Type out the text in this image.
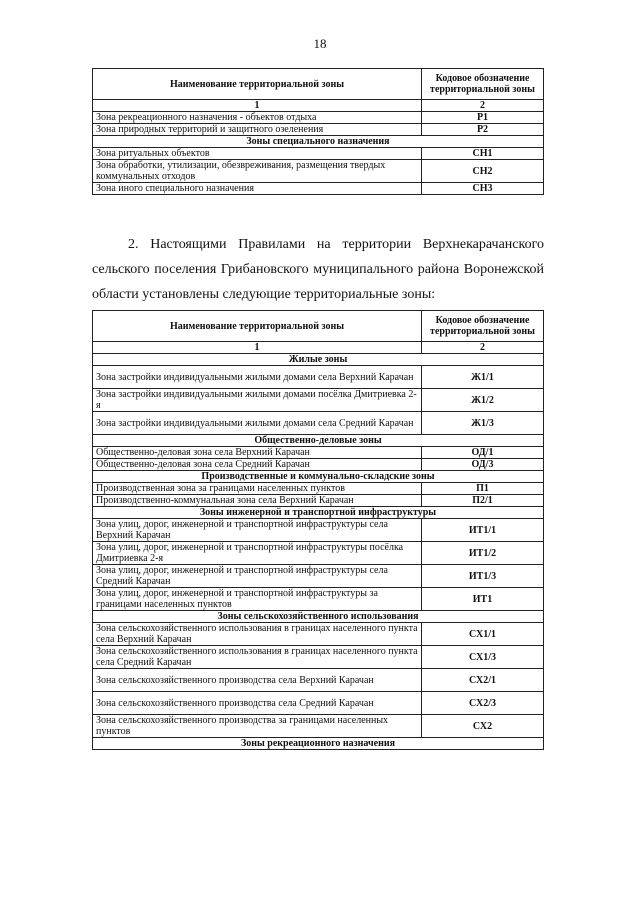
18
Наименование территориальной зоны	Кодовое обозначение территориальной зоны
1	2
Зона рекреационного назначения - объектов отдыха	Р1
Зона природных территорий и защитного озеленения	Р2
Зоны специального назначения	
Зона ритуальных объектов	СН1
Зона обработки, утилизации, обезвреживания, размещения твердых коммунальных отходов	СН2
Зона иного специального назначения	СН3

2. Настоящими Правилами на территории Верхнекарачанского сельского поселения Грибановского муниципального района Воронежской области установлены следующие территориальные зоны:

Наименование территориальной зоны	Кодовое обозначение территориальной зоны
1	2
Жилые зоны	
Зона застройки индивидуальными жилыми домами села Верхний Карачан	Ж1/1
Зона застройки индивидуальными жилыми домами посёлка Дмитриевка 2-я	Ж1/2
Зона застройки индивидуальными жилыми домами села Средний Карачан	Ж1/3
Общественно-деловые зоны	
Общественно-деловая зона села Верхний Карачан	ОД/1
Общественно-деловая зона села Средний Карачан	ОД/3
Производственные и коммунально-складские зоны	
Производственная зона за границами населенных пунктов	П1
Производственно-коммунальная зона села Верхний Карачан	П2/1
Зоны инженерной и транспортной инфраструктуры	
Зона улиц, дорог, инженерной и транспортной инфраструктуры села Верхний Карачан	ИТ1/1
Зона улиц, дорог, инженерной и транспортной инфраструктуры посёлка Дмитриевка 2-я	ИТ1/2
Зона улиц, дорог, инженерной и транспортной инфраструктуры села Средний Карачан	ИТ1/3
Зона улиц, дорог, инженерной и транспортной инфраструктуры за границами населенных пунктов	ИТ1
Зоны сельскохозяйственного использования	
Зона сельскохозяйственного использования в границах населенного пункта села Верхний Карачан	СХ1/1
Зона сельскохозяйственного использования в границах населенного пункта села Средний Карачан	СХ1/3
Зона сельскохозяйственного производства села Верхний Карачан	СХ2/1
Зона сельскохозяйственного производства села Средний Карачан	СХ2/3
Зона сельскохозяйственного производства за границами населенных пунктов	СХ2
Зоны рекреационного назначения	
